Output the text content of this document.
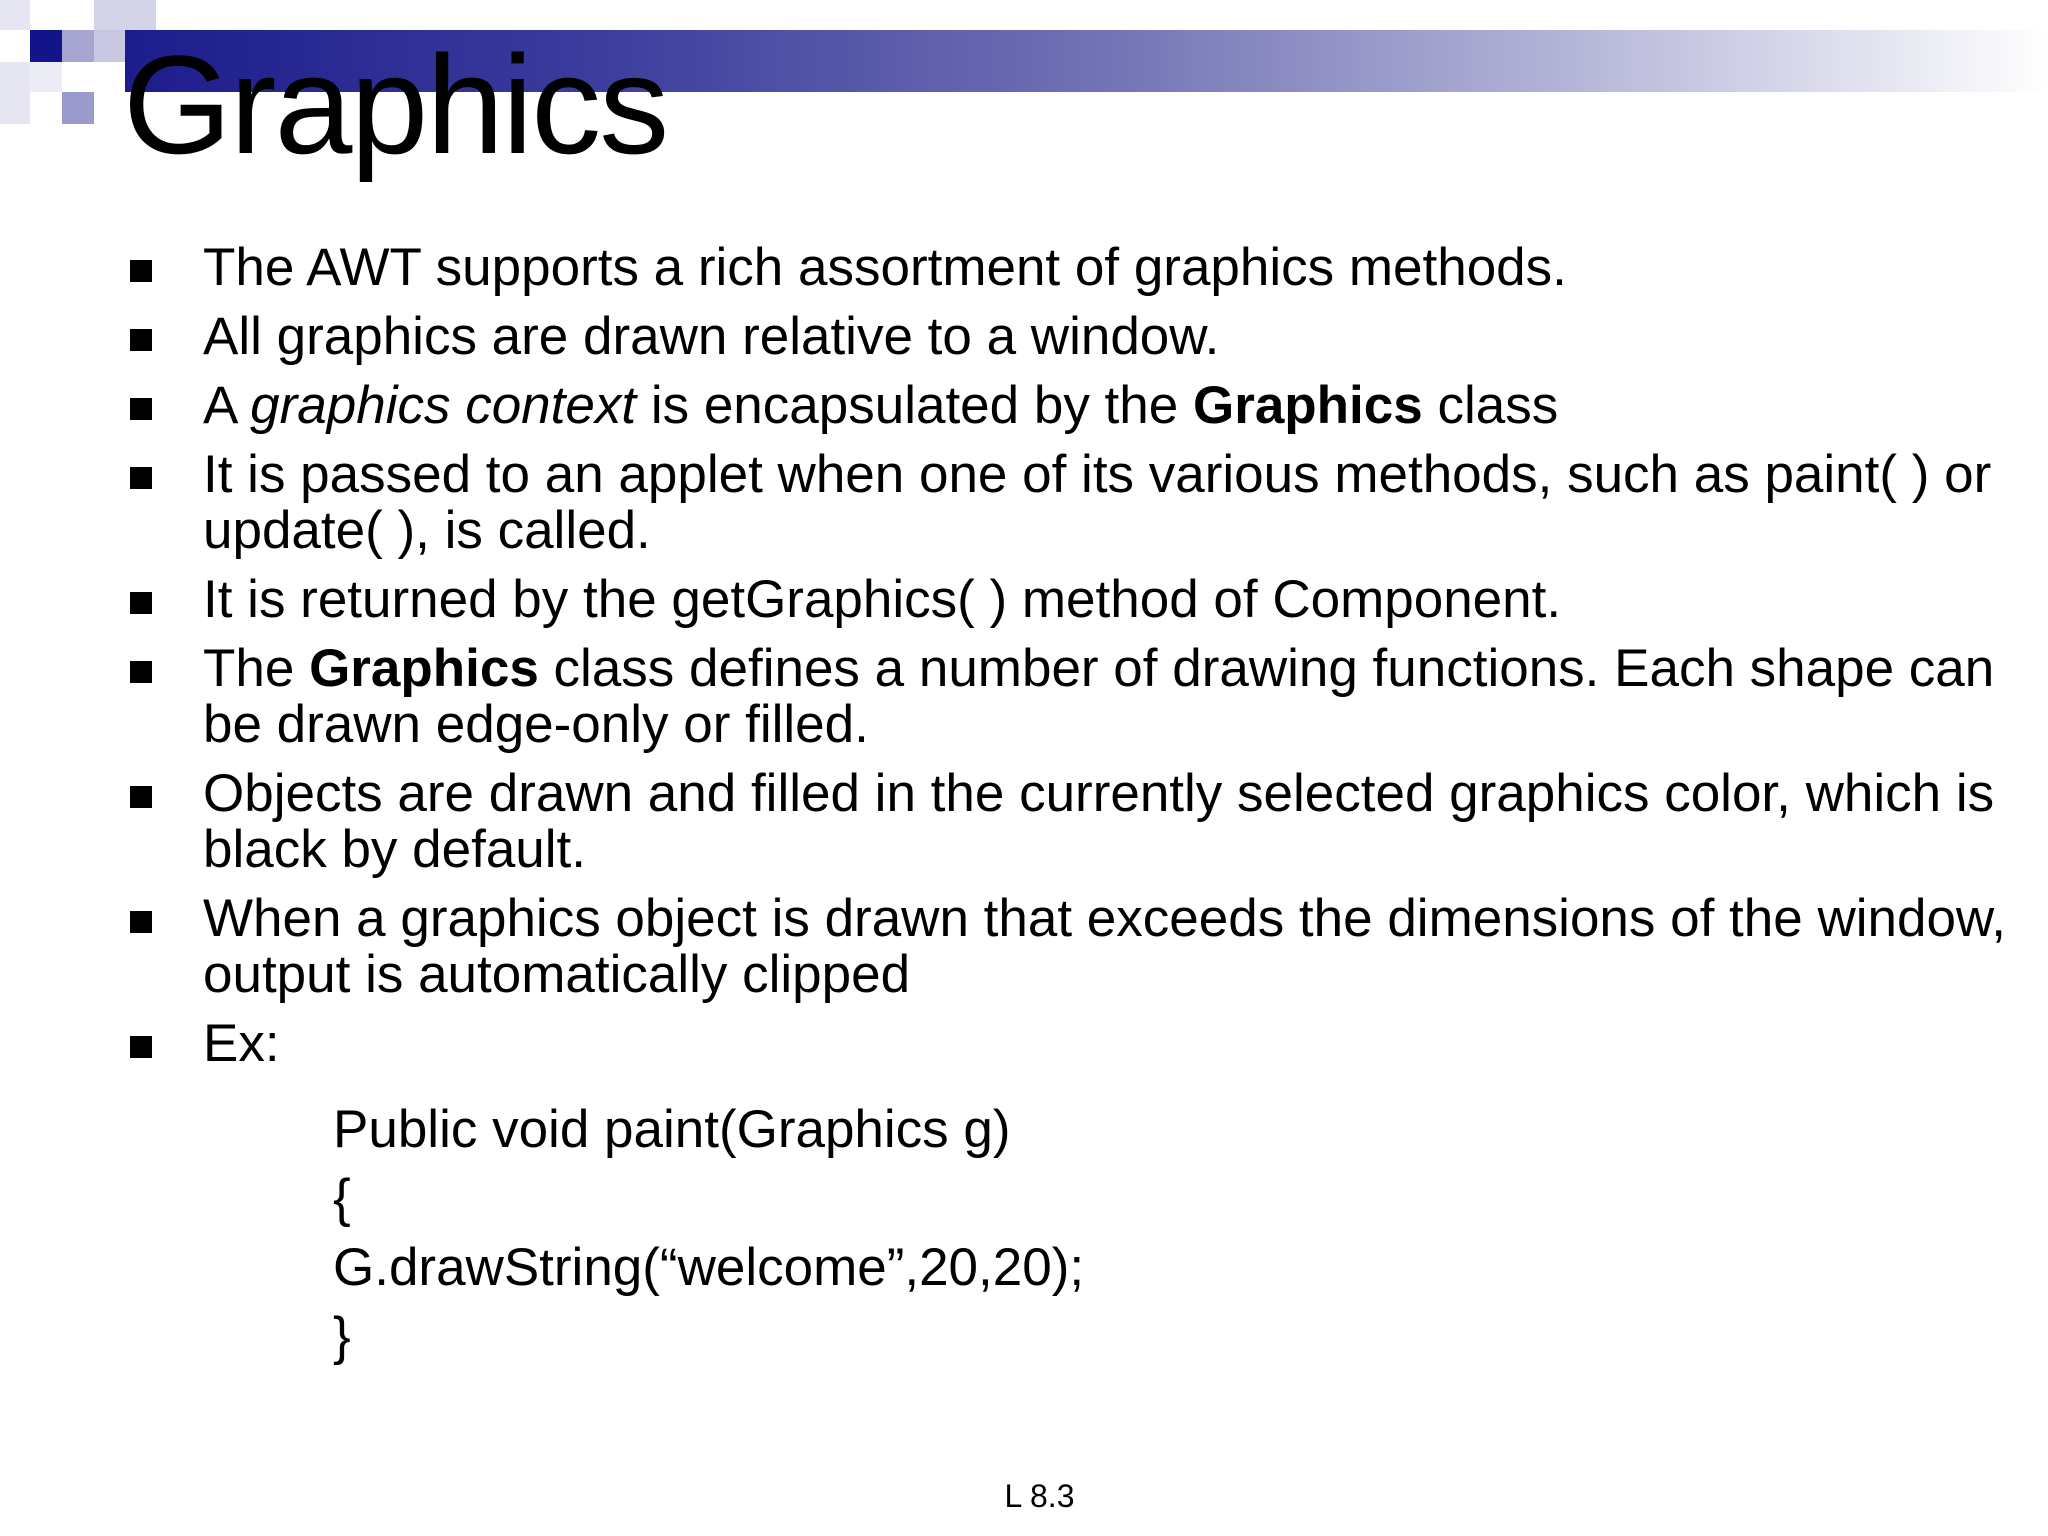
Graphics
The AWT supports a rich assortment of graphics methods.
All graphics are drawn relative to a window.
A graphics context is encapsulated by the Graphics class
It is passed to an applet when one of its various methods, such as paint( ) or update( ), is called.
It is returned by the getGraphics( ) method of Component.
The Graphics class defines a number of drawing functions. Each shape can be drawn edge-only or filled.
Objects are drawn and filled in the currently selected graphics color, which is black by default.
When a graphics object is drawn that exceeds the dimensions of the window, output is automatically clipped
Ex:
Public void paint(Graphics g)
{
G.drawString(“welcome”,20,20);
}
L 8.3
